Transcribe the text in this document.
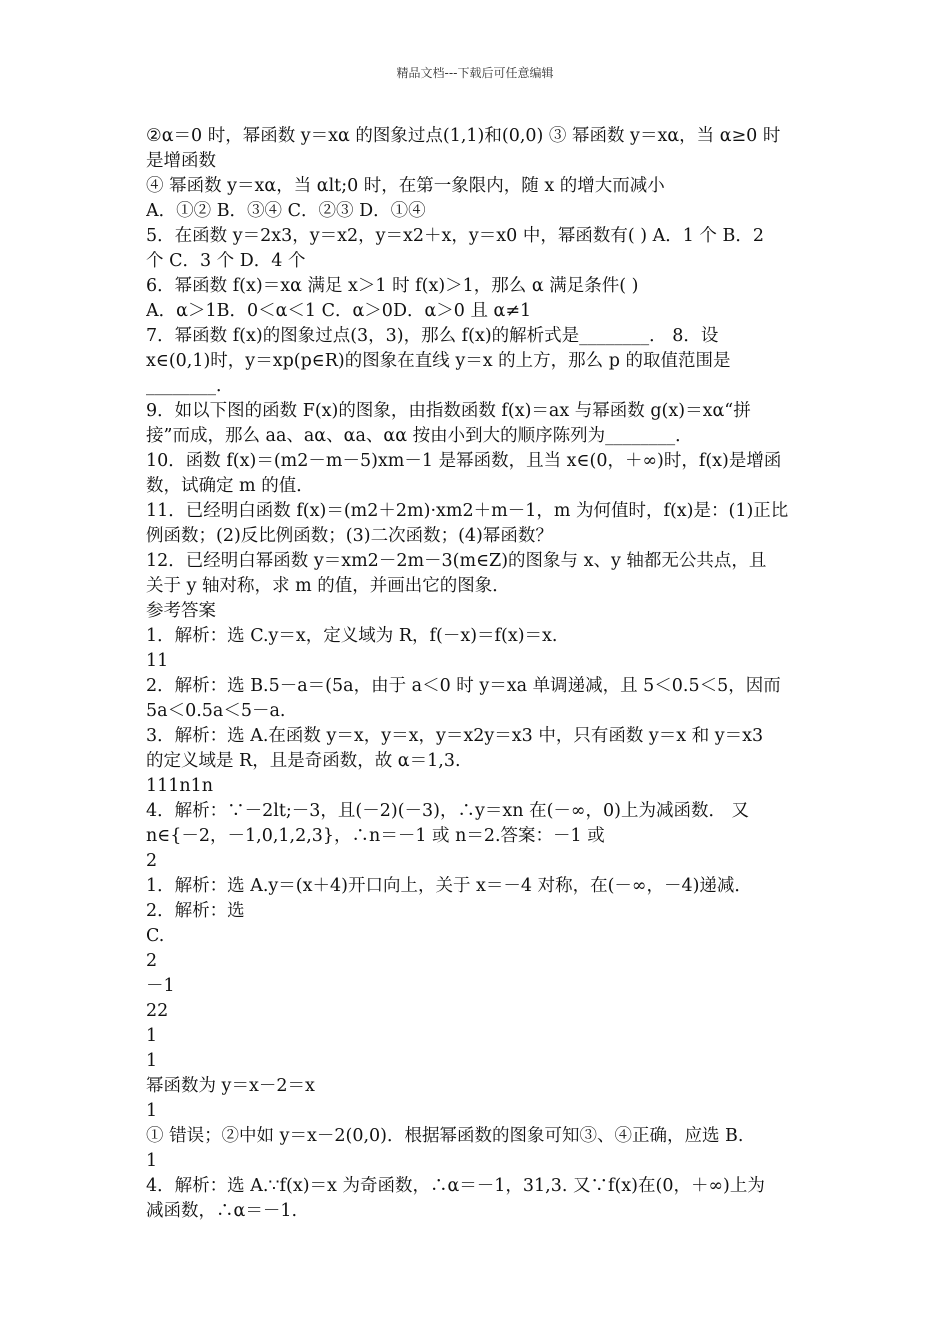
精品文档---下载后可任意编辑
②α＝0 时，幂函数 y＝xα 的图象过点(1,1)和(0,0) ③ 幂函数 y＝xα，当 α≥0 时
是增函数
④ 幂函数 y＝xα，当 αlt;0 时，在第一象限内，随 x 的增大而减小
A．①② B．③④ C．②③ D．①④
5．在函数 y＝2x3，y＝x2，y＝x2＋x，y＝x0 中，幂函数有( ) A．1 个 B．2
个 C．3 个 D．4 个
6．幂函数 f(x)＝xα 满足 x＞1 时 f(x)＞1，那么 α 满足条件( )
A．α＞1B．0＜α＜1 C．α＞0D．α＞0 且 α≠1
7．幂函数 f(x)的图象过点(3，3)，那么 f(x)的解析式是________． 8．设
x∈(0,1)时，y＝xp(p∈R)的图象在直线 y＝x 的上方，那么 p 的取值范围是
________．
9．如以下图的函数 F(x)的图象，由指数函数 f(x)＝ax 与幂函数 g(x)＝xα“拼
接”而成，那么 aa、aα、αa、αα 按由小到大的顺序陈列为________．
10．函数 f(x)＝(m2－m－5)xm－1 是幂函数，且当 x∈(0，＋∞)时，f(x)是增函
数，试确定 m 的值．
11．已经明白函数 f(x)＝(m2＋2m)·xm2＋m－1，m 为何值时，f(x)是：(1)正比
例函数；(2)反比例函数；(3)二次函数；(4)幂函数？
12．已经明白幂函数 y＝xm2－2m－3(m∈Z)的图象与 x、y 轴都无公共点，且
关于 y 轴对称，求 m 的值，并画出它的图象．
参考答案
1．解析：选 C.y＝x，定义域为 R，f(－x)＝f(x)＝x.
11
2．解析：选 B.5－a＝(5a，由于 a＜0 时 y＝xa 单调递减，且 5＜0.5＜5，因而
5a＜0.5a＜5－a.
3．解析：选 A.在函数 y＝x，y＝x，y＝x2y＝x3 中，只有函数 y＝x 和 y＝x3
的定义域是 R，且是奇函数，故 α＝1,3.
111n1n
4．解析：∵－2lt;－3，且(－2)(－3)，∴y＝xn 在(－∞，0)上为减函数． 又
n∈{－2，－1,0,1,2,3}，∴n＝－1 或 n＝2.答案：－1 或
2
1．解析：选 A.y＝(x＋4)开口向上，关于 x＝－4 对称，在(－∞，－4)递减．
2．解析：选
C.
2
－1
22
1
1
幂函数为 y＝x－2＝x
1
① 错误；②中如 y＝x－2(0,0)．根据幂函数的图象可知③、④正确，应选 B.
1
4．解析：选 A.∵f(x)＝x 为奇函数，∴α＝－1，31,3. 又∵f(x)在(0，＋∞)上为
减函数，∴α＝－1.
